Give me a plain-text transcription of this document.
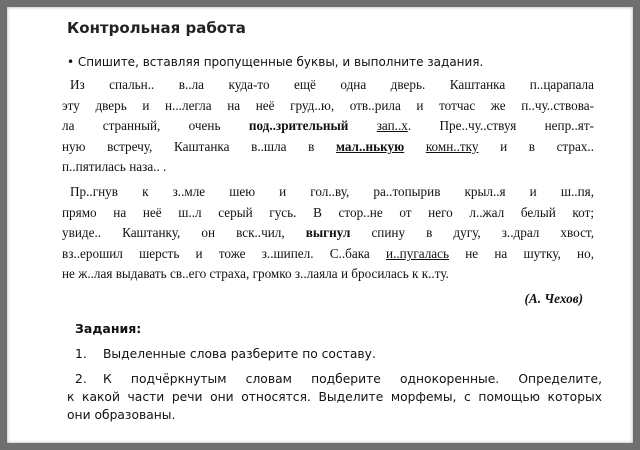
Контрольная работа
• Спишите, вставляя пропущенные буквы, и выполните задания.
Из спальн.. в..ла куда-то ещё одна дверь. Каштанка п..царапала
эту дверь и н...легла на неё груд..ю, отв..рила и тотчас же п..чу..ствова-
ла странный, очень под..зрительный зап..х. Пре..чу..ствуя непр..ят-
ную встречу, Каштанка в..шла в мал..нькую комн..тку и в страх..
п..пятилась наза.. .
Пр..гнув к з..мле шею и гол..ву, ра..топырив крыл..я и ш..пя,
прямо на неё ш..л серый гусь. В стор..не от него л..жал белый кот;
увиде.. Каштанку, он вск..чил, выгнул спину в дугу, з..драл хвост,
вз..ерошил шерсть и тоже з..шипел. С..бака и..пугалась не на шутку, но,
не ж..лая выдавать св..его страха, громко з..лаяла и бросилась к к..ту.
(А. Чехов)
Задания:
1. Выделенные слова разберите по составу.
2. К подчёркнутым словам подберите однокоренные. Определите,
к какой части речи они относятся. Выделите морфемы, с помощью которых
они образованы.
